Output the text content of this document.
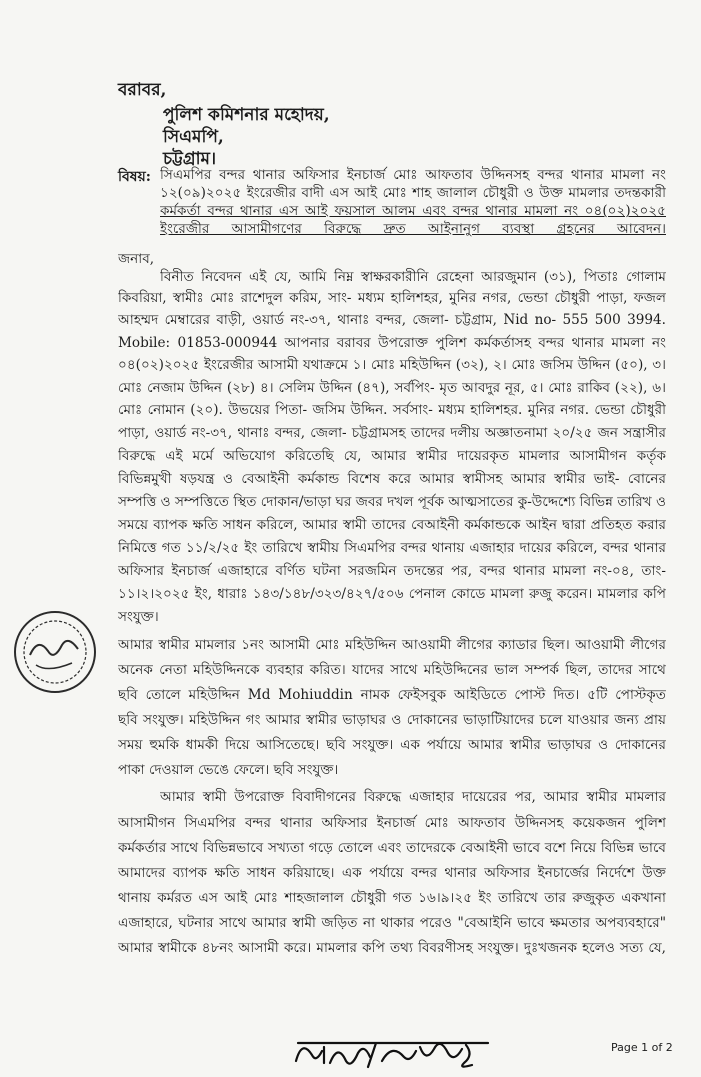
বরাবর,
পুলিশ কমিশনার মহোদয়,
সিএমপি,
চট্টগ্রাম।
বিষয়: সিএমপির বন্দর থানার অফিসার ইনচার্জ মোঃ আফতাব উদ্দিনসহ বন্দর থানার মামলা নং
১২(০৯)২০২৫ ইংরেজীর বাদী এস আই মোঃ শাহ জালাল চৌধুরী ও উক্ত মামলার তদন্তকারী
কর্মকর্তা বন্দর থানার এস আই ফয়সাল আলম এবং বন্দর থানার মামলা নং ০৪(০২)২০২৫
ইংরেজীর আসামীগণের বিরুদ্ধে দ্রুত আইনানুগ ব্যবস্থা গ্রহনের আবেদন।
জনাব,
বিনীত নিবেদন এই যে, আমি নিম্ন স্বাক্ষরকারীনি রেহেনা আরজুমান (৩১), পিতাঃ গোলাম
কিবরিয়া, স্বামীঃ মোঃ রাশেদুল করিম, সাং- মধ্যম হালিশহর, মুনির নগর, ভেন্ডা চৌধুরী পাড়া, ফজল
আহম্মদ মেম্বারের বাড়ী, ওয়ার্ড নং-৩৭, থানাঃ বন্দর, জেলা- চট্টগ্রাম, Nid no- 555 500 3994.
Mobile: 01853-000944 আপনার বরাবর উপরোক্ত পুলিশ কর্মকর্তাসহ বন্দর থানার মামলা নং
০৪(০২)২০২৫ ইংরেজীর আসামী যথাক্রমে ১। মোঃ মহিউদ্দিন (৩২), ২। মোঃ জসিম উদ্দিন (৫০), ৩।
মোঃ নেজাম উদ্দিন (২৮) ৪। সেলিম উদ্দিন (৪৭), সর্বপিং- মৃত আবদুর নূর, ৫। মোঃ রাকিব (২২), ৬।
মোঃ নোমান (২০). উভয়ের পিতা- জসিম উদ্দিন. সর্বসাং- মধ্যম হালিশহর. মুনির নগর. ভেন্ডা চৌধুরী
পাড়া, ওয়ার্ড নং-৩৭, থানাঃ বন্দর, জেলা- চট্টগ্রামসহ তাদের দলীয় অজ্ঞাতনামা ২০/২৫ জন সন্ত্রাসীর
বিরুদ্ধে এই মর্মে অভিযোগ করিতেছি যে, আমার স্বামীর দায়েরকৃত মামলার আসামীগন কর্তৃক
বিভিন্নমুখী ষড়যন্ত্র ও বেআইনী কর্মকান্ড বিশেষ করে আমার স্বামীসহ আমার স্বামীর ভাই- বোনের
সম্পত্তি ও সম্পত্তিতে স্থিত দোকান/ভাড়া ঘর জবর দখল পূর্বক আত্মসাতের কু-উদ্দেশ্যে বিভিন্ন তারিখ ও
সময়ে ব্যাপক ক্ষতি সাধন করিলে, আমার স্বামী তাদের বেআইনী কর্মকান্ডকে আইন দ্বারা প্রতিহত করার
নিমিত্তে গত ১১/২/২৫ ইং তারিখে স্বামীয় সিএমপির বন্দর থানায় এজাহার দায়ের করিলে, বন্দর থানার
অফিসার ইনচার্জ এজাহারে বর্ণিত ঘটনা সরজমিন তদন্তের পর, বন্দর থানার মামলা নং-০৪, তাং-
১১।২।২০২৫ ইং, ধারাঃ ১৪৩/১৪৮/৩২৩/৪২৭/৫০৬ পেনাল কোডে মামলা রুজু করেন। মামলার কপি
সংযুক্ত।
আমার স্বামীর মামলার ১নং আসামী মোঃ মহিউদ্দিন আওয়ামী লীগের ক্যাডার ছিল। আওয়ামী লীগের
অনেক নেতা মহিউদ্দিনকে ব্যবহার করিত। যাদের সাথে মহিউদ্দিনের ভাল সম্পর্ক ছিল, তাদের সাথে
ছবি তোলে মহিউদ্দিন Md Mohiuddin নামক ফেইসবুক আইডিতে পোস্ট দিত। ৫টি পোস্টকৃত
ছবি সংযুক্ত। মহিউদ্দিন গং আমার স্বামীর ভাড়াঘর ও দোকানের ভাড়াটিয়াদের চলে যাওয়ার জন্য প্রায়
সময় হুমকি ধামকী দিয়ে আসিতেছে। ছবি সংযুক্ত। এক পর্যায়ে আমার স্বামীর ভাড়াঘর ও দোকানের
পাকা দেওয়াল ভেঙে ফেলে। ছবি সংযুক্ত।
আমার স্বামী উপরোক্ত বিবাদীগনের বিরুদ্ধে এজাহার দায়েরের পর, আমার স্বামীর মামলার
আসামীগন সিএমপির বন্দর থানার অফিসার ইনচার্জ মোঃ আফতাব উদ্দিনসহ কয়েকজন পুলিশ
কর্মকর্তার সাথে বিভিন্নভাবে সখ্যতা গড়ে তোলে এবং তাদেরকে বেআইনী ভাবে বশে নিয়ে বিভিন্ন ভাবে
আমাদের ব্যাপক ক্ষতি সাধন করিয়াছে। এক পর্যায়ে বন্দর থানার অফিসার ইনচার্জের নির্দেশে উক্ত
থানায় কর্মরত এস আই মোঃ শাহজালাল চৌধুরী গত ১৬।৯।২৫ ইং তারিখে তার রুজুকৃত একখানা
এজাহারে, ঘটনার সাথে আমার স্বামী জড়িত না থাকার পরেও "বেআইনি ভাবে ক্ষমতার অপব্যবহারে"
আমার স্বামীকে ৪৮নং আসামী করে। মামলার কপি তথ্য বিবরণীসহ সংযুক্ত। দুঃখজনক হলেও সত্য যে,
Page 1 of 2
